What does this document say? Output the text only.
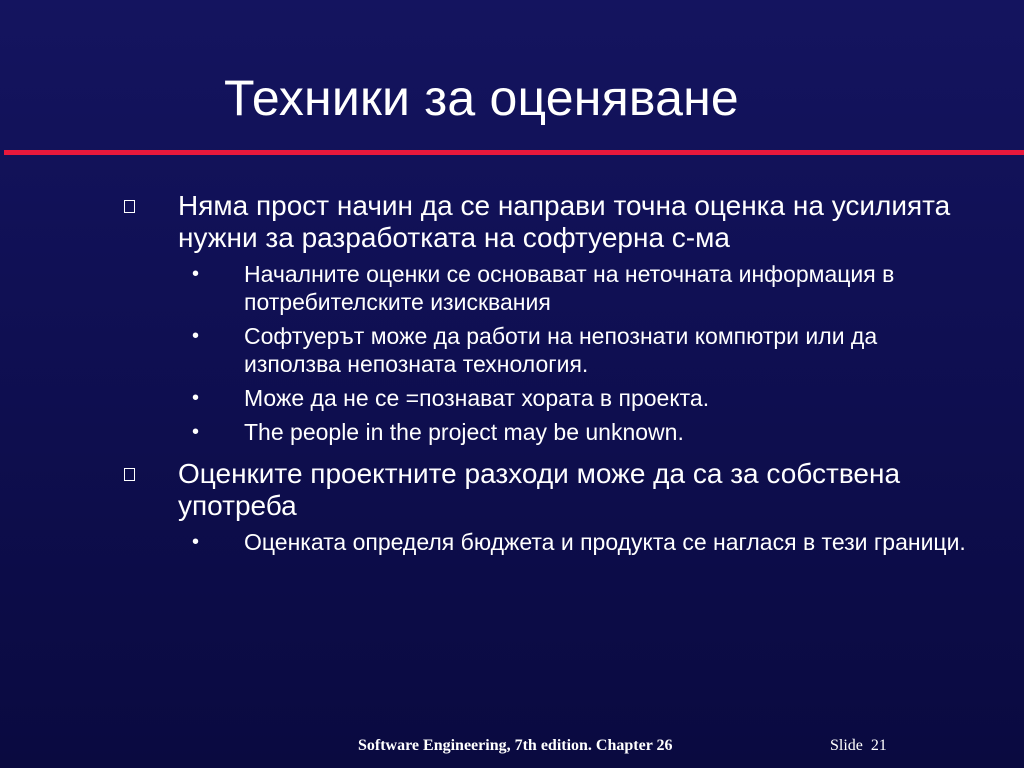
Техники за оценяване
Няма прост начин да се направи точна оценка на усилията нужни за разработката на софтуерна с-ма
• Началните оценки се основават на неточната информация в потребителските изисквания
• Софтуерът може да работи на непознати компютри или да използва непозната технология.
• Може да не се =познават хората в проекта.
• The people in the project may be unknown.
Оценките проектните разходи може да са за собствена употреба
• Оценката определя бюджета и продукта се наглася в тези граници.
Software Engineering, 7th edition. Chapter 26	Slide 21
